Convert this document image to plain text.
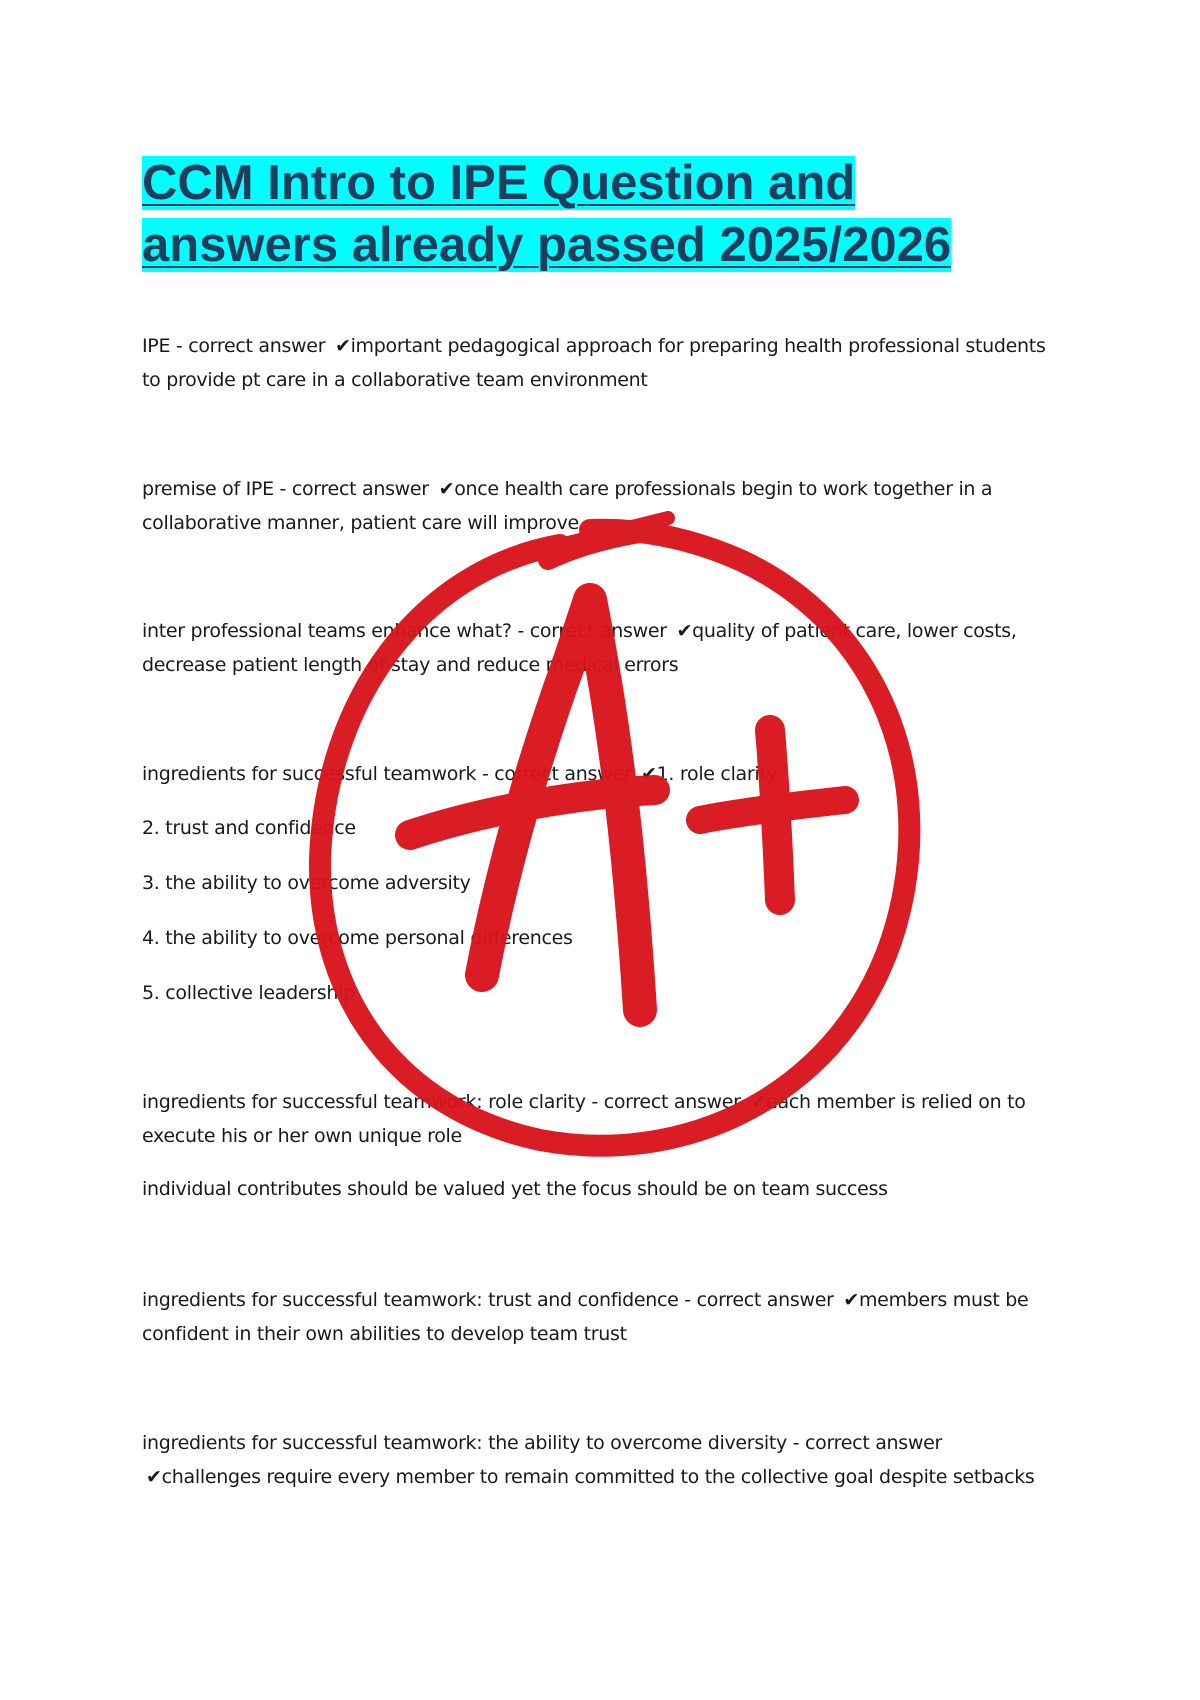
CCM Intro to IPE Question and
answers already passed 2025/2026

IPE - correct answer ✔important pedagogical approach for preparing health professional students to provide pt care in a collaborative team environment

premise of IPE - correct answer ✔once health care professionals begin to work together in a collaborative manner, patient care will improve

inter professional teams enhance what? - correct answer ✔quality of patient care, lower costs, decrease patient length of stay and reduce medical errors

ingredients for successful teamwork - correct answer ✔1. role clarity

2. trust and confidence

3. the ability to overcome adversity

4. the ability to overcome personal differences

5. collective leadership

ingredients for successful teamwork: role clarity - correct answer ✔each member is relied on to execute his or her own unique role

individual contributes should be valued yet the focus should be on team success

ingredients for successful teamwork: trust and confidence - correct answer ✔members must be confident in their own abilities to develop team trust

ingredients for successful teamwork: the ability to overcome diversity - correct answer ✔challenges require every member to remain committed to the collective goal despite setbacks
